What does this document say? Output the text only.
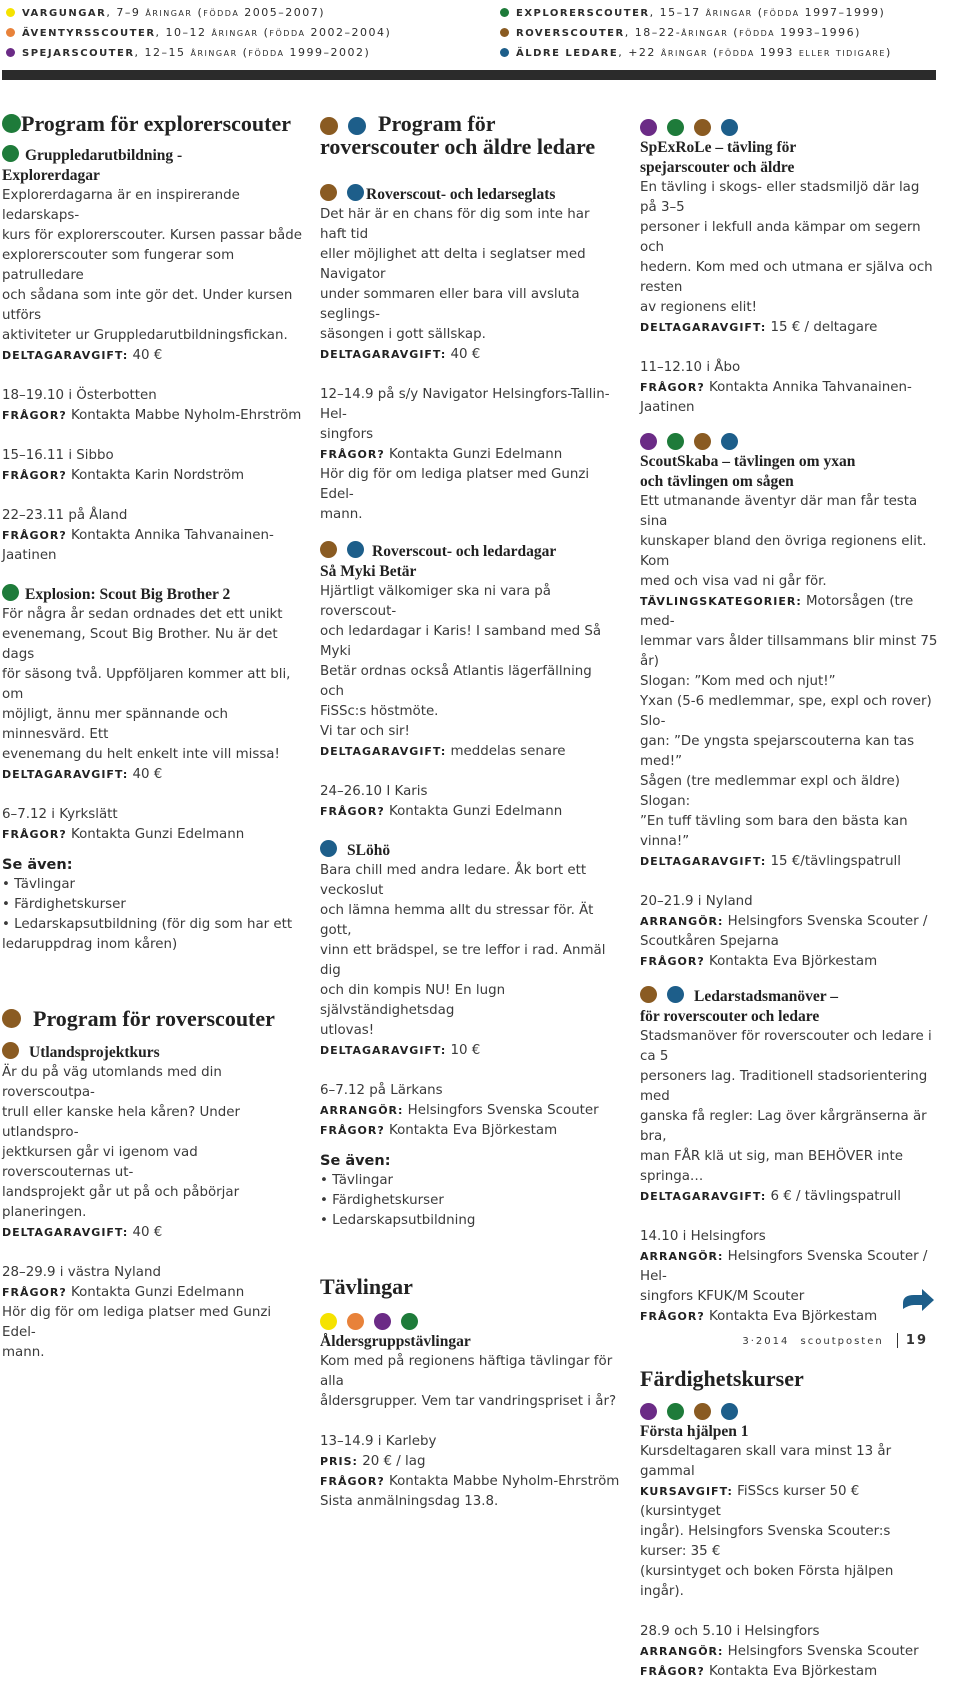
VARGUNGAR, 7–9 åringar (födda 2005–2007)
ÄVENTYRSSCOUTER, 10–12 åringar (födda 2002–2004)
SPEJARSCOUTER, 12–15 åringar (födda 1999–2002)
EXPLORERSCOUTER, 15–17 åringar (födda 1997–1999)
ROVERSCOUTER, 18–22-åringar (födda 1993–1996)
ÄLDRE LEDARE, +22 åringar (födda 1993 eller tidigare)
Program för explorerscouter
Gruppledarutbildning -
Explorerdagar

Explorerdagarna är en inspirerande ledarskaps-
kurs för explorerscouter. Kursen passar både
explorerscouter som fungerar som patrulledare
och sådana som inte gör det. Under kursen utförs
aktiviteter ur Gruppledarutbildningsfickan.

DELTAGARAVGIFT: 40 €

18–19.10 i Österbotten

FRÅGOR? Kontakta Mabbe Nyholm-Ehrström

15–16.11 i Sibbo

FRÅGOR? Kontakta Karin Nordström

22–23.11 på Åland

FRÅGOR? Kontakta Annika Tahvanainen-Jaatinen

Explosion: Scout Big Brother 2

För några år sedan ordnades det ett unikt
evenemang, Scout Big Brother. Nu är det dags
för säsong två. Uppföljaren kommer att bli, om
möjligt, ännu mer spännande och minnesvärd. Ett
evenemang du helt enkelt inte vill missa!

DELTAGARAVGIFT: 40 €

6–7.12 i Kyrkslätt

FRÅGOR? Kontakta Gunzi Edelmann

Se även:

• Tävlingar
• Färdighetskurser
• Ledarskapsutbildning (för dig som har ett
ledaruppdrag inom kåren)

Program för roverscouter
Utlandsprojektkurs

Är du på väg utomlands med din roverscoutpa-
trull eller kanske hela kåren? Under utlandspro-
jektkursen går vi igenom vad roverscouternas ut-
landsprojekt går ut på och påbörjar planeringen.

DELTAGARAVGIFT: 40 €

28–29.9 i västra Nyland

FRÅGOR? Kontakta Gunzi Edelmann

Hör dig för om lediga platser med Gunzi Edel-
mann.

Program för
roverscouter och äldre ledare
Roverscout- och ledarseglats

Det här är en chans för dig som inte har haft tid
eller möjlighet att delta i seglatser med Navigator
under sommaren eller bara vill avsluta seglings-
säsongen i gott sällskap.

DELTAGARAVGIFT: 40 €

12–14.9 på s/y Navigator Helsingfors-Tallin-Hel-
singfors

FRÅGOR? Kontakta Gunzi Edelmann

Hör dig för om lediga platser med Gunzi Edel-
mann.

Roverscout- och ledardagar
Så Myki Betär

Hjärtligt välkomiger ska ni vara på roverscout-
och ledardagar i Karis! I samband med Så Myki
Betär ordnas också Atlantis lägerfällning och
FiSSc:s höstmöte.
Vi tar och sir!

DELTAGARAVGIFT: meddelas senare

24–26.10 I Karis

FRÅGOR? Kontakta Gunzi Edelmann

SLöhö

Bara chill med andra ledare. Åk bort ett veckoslut
och lämna hemma allt du stressar för. Ät gott,
vinn ett brädspel, se tre leffor i rad. Anmäl dig
och din kompis NU! En lugn självständighetsdag
utlovas!

DELTAGARAVGIFT: 10 €

6–7.12 på Lärkans

ARRANGÖR: Helsingfors Svenska Scouter

FRÅGOR? Kontakta Eva Björkestam

Se även:

• Tävlingar
• Färdighetskurser
• Ledarskapsutbildning

Tävlingar
Åldersgruppstävlingar

Kom med på regionens häftiga tävlingar för alla
åldersgrupper. Vem tar vandringspriset i år?

13–14.9 i Karleby

PRIS: 20 € / lag

FRÅGOR? Kontakta Mabbe Nyholm-Ehrström

Sista anmälningsdag 13.8.

SpExRoLe – tävling för
spejarscouter och äldre

En tävling i skogs- eller stadsmiljö där lag på 3–5
personer i lekfull anda kämpar om segern och
hedern. Kom med och utmana er själva och resten
av regionens elit!

DELTAGARAVGIFT: 15 € / deltagare

11–12.10 i Åbo

FRÅGOR? Kontakta Annika Tahvanainen-Jaatinen

ScoutSkaba – tävlingen om yxan
och tävlingen om sågen

Ett utmanande äventyr där man får testa sina
kunskaper bland den övriga regionens elit. Kom
med och visa vad ni går för.

TÄVLINGSKATEGORIER: Motorsågen (tre med-
lemmar vars ålder tillsammans blir minst 75 år)
Slogan: ”Kom med och njut!”
Yxan (5-6 medlemmar, spe, expl och rover) Slo-
gan: ”De yngsta spejarscouterna kan tas med!”
Sågen (tre medlemmar expl och äldre) Slogan:
”En tuff tävling som bara den bästa kan vinna!”

DELTAGARAVGIFT: 15 €/tävlingspatrull

20–21.9 i Nyland

ARRANGÖR: Helsingfors Svenska Scouter /
Scoutkåren Spejarna

FRÅGOR? Kontakta Eva Björkestam

Ledarstadsmanöver –
för roverscouter och ledare

Stadsmanöver för roverscouter och ledare i ca 5
personers lag. Traditionell stadsorientering med
ganska få regler: Lag över kårgränserna är bra,
man FÅR klä ut sig, man BEHÖVER inte springa…

DELTAGARAVGIFT: 6 € / tävlingspatrull

14.10 i Helsingfors

ARRANGÖR: Helsingfors Svenska Scouter / Hel-
singfors KFUK/M Scouter

FRÅGOR? Kontakta Eva Björkestam

Färdighetskurser
Första hjälpen 1

Kursdeltagaren skall vara minst 13 år gammal

KURSAVGIFT: FiSScs kurser 50 € (kursintyget
ingår). Helsingfors Svenska Scouter:s kurser: 35 €
(kursintyget och boken Första hjälpen ingår).

28.9 och 5.10 i Helsingfors

ARRANGÖR: Helsingfors Svenska Scouter

FRÅGOR? Kontakta Eva Björkestam

3·2014 scoutposten 19
